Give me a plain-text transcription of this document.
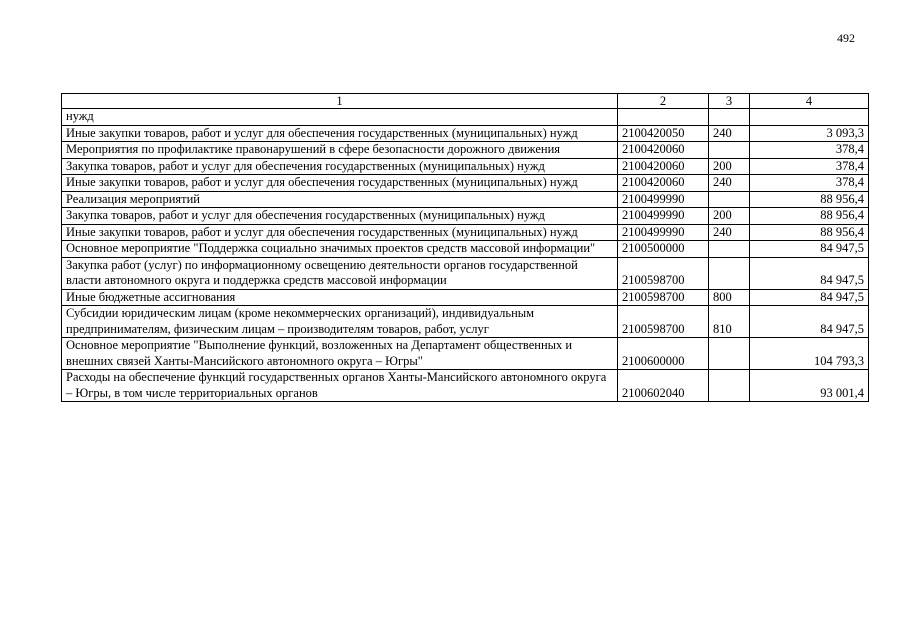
492
1	2	3	4
нужд			
Иные закупки товаров, работ и услуг для обеспечения государственных (муниципальных) нужд	2100420050	240	3 093,3
Мероприятия по профилактике правонарушений в сфере безопасности дорожного движения	2100420060		378,4
Закупка товаров, работ и услуг для обеспечения государственных (муниципальных) нужд	2100420060	200	378,4
Иные закупки товаров, работ и услуг для обеспечения государственных (муниципальных) нужд	2100420060	240	378,4
Реализация мероприятий	2100499990		88 956,4
Закупка товаров, работ и услуг для обеспечения государственных (муниципальных) нужд	2100499990	200	88 956,4
Иные закупки товаров, работ и услуг для обеспечения государственных (муниципальных) нужд	2100499990	240	88 956,4
Основное мероприятие "Поддержка социально значимых проектов средств массовой информации"	2100500000		84 947,5
Закупка работ (услуг) по информационному освещению деятельности органов государственной власти автономного округа и поддержка средств массовой информации	2100598700		84 947,5
Иные бюджетные ассигнования	2100598700	800	84 947,5
Субсидии юридическим лицам (кроме некоммерческих организаций), индивидуальным предпринимателям, физическим лицам – производителям товаров, работ, услуг	2100598700	810	84 947,5
Основное мероприятие "Выполнение функций, возложенных на Департамент общественных и внешних связей Ханты-Мансийского автономного округа – Югры"	2100600000		104 793,3
Расходы на обеспечение функций государственных органов Ханты-Мансийского автономного округа – Югры, в том числе территориальных органов	2100602040		93 001,4
